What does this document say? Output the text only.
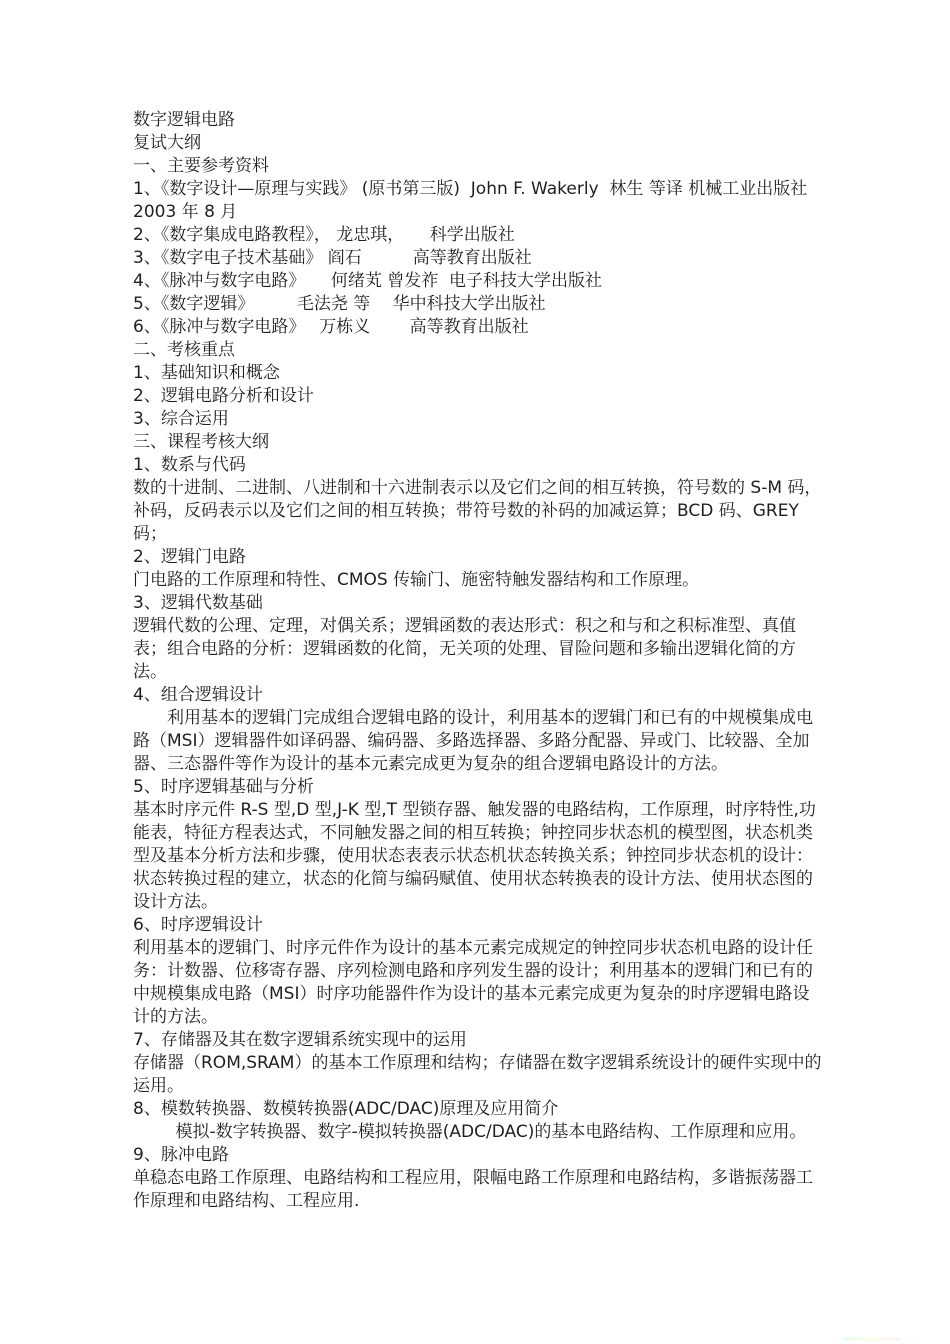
数字逻辑电路

复试大纲

一、主要参考资料

1、《数字设计—原理与实践》 (原书第三版)  John F. Wakerly  林生 等译 机械工业出版社 2003 年 8 月

2、《数字集成电路教程》， 龙忠琪，　　科学出版社

3、《数字电子技术基础》 阎石　　　高等教育出版社

4、《脉冲与数字电路》　　何绪芄 曾发祚  电子科技大学出版社

5、《数字逻辑》　　　毛法尧 等　 华中科技大学出版社

6、《脉冲与数字电路》　 万栋义　　 高等教育出版社

二、考核重点

1、基础知识和概念

2、逻辑电路分析和设计

3、综合运用

三、课程考核大纲

1、数系与代码

数的十进制、二进制、八进制和十六进制表示以及它们之间的相互转换，符号数的 S-M 码，补码，反码表示以及它们之间的相互转换；带符号数的补码的加减运算；BCD 码、GREY 码；

2、逻辑门电路

门电路的工作原理和特性、CMOS 传输门、施密特触发器结构和工作原理。

3、逻辑代数基础

逻辑代数的公理、定理，对偶关系；逻辑函数的表达形式：积之和与和之积标准型、真值表；组合电路的分析：逻辑函数的化简，无关项的处理、冒险问题和多输出逻辑化简的方法。

4、组合逻辑设计

利用基本的逻辑门完成组合逻辑电路的设计，利用基本的逻辑门和已有的中规模集成电路（MSI）逻辑器件如译码器、编码器、多路选择器、多路分配器、异或门、比较器、全加器、三态器件等作为设计的基本元素完成更为复杂的组合逻辑电路设计的方法。

5、时序逻辑基础与分析

基本时序元件 R-S 型,D 型,J-K 型,T 型锁存器、触发器的电路结构，工作原理，时序特性,功能表，特征方程表达式，不同触发器之间的相互转换；钟控同步状态机的模型图，状态机类型及基本分析方法和步骤，使用状态表表示状态机状态转换关系；钟控同步状态机的设计：状态转换过程的建立，状态的化简与编码赋值、使用状态转换表的设计方法、使用状态图的设计方法。

6、时序逻辑设计

利用基本的逻辑门、时序元件作为设计的基本元素完成规定的钟控同步状态机电路的设计任务：计数器、位移寄存器、序列检测电路和序列发生器的设计；利用基本的逻辑门和已有的中规模集成电路（MSI）时序功能器件作为设计的基本元素完成更为复杂的时序逻辑电路设计的方法。

7、存储器及其在数字逻辑系统实现中的运用

存储器（ROM,SRAM）的基本工作原理和结构；存储器在数字逻辑系统设计的硬件实现中的运用。

8、模数转换器、数模转换器(ADC/DAC)原理及应用简介

模拟-数字转换器、数字-模拟转换器(ADC/DAC)的基本电路结构、工作原理和应用。

9、脉冲电路

单稳态电路工作原理、电路结构和工程应用，限幅电路工作原理和电路结构，多谐振荡器工作原理和电路结构、工程应用.
